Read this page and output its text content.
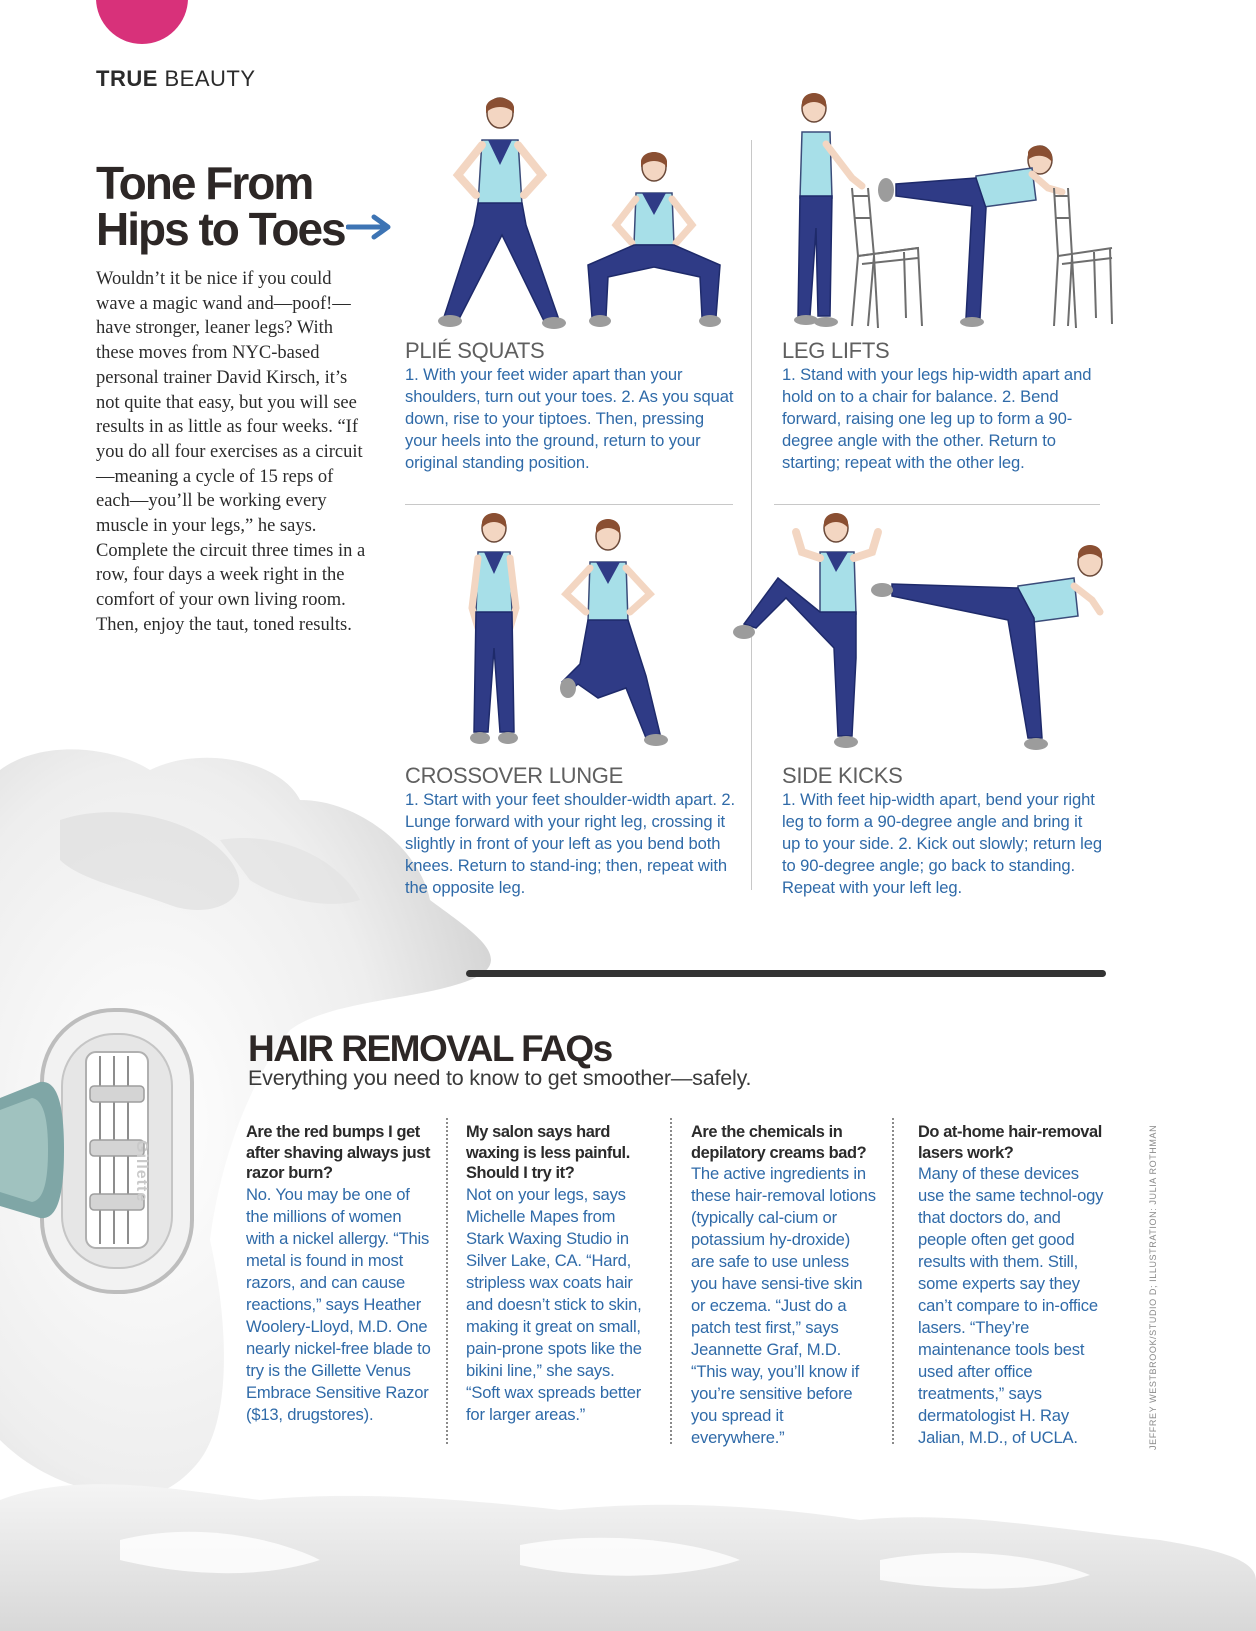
TRUE BEAUTY
Tone From
Hips to Toes
Wouldn’t it be nice if you could wave a magic wand and—poof!—have stronger, leaner legs? With these moves from NYC-based personal trainer David Kirsch, it’s not quite that easy, but you will see results in as little as four weeks. “If you do all four exercises as a circuit—meaning a cycle of 15 reps of each—you’ll be working every muscle in your legs,” he says. Complete the circuit three times in a row, four days a week right in the comfort of your own living room. Then, enjoy the taut, toned results.
PLIÉ SQUATS
1. With your feet wider apart than your shoulders, turn out your toes. 2. As you squat down, rise to your tiptoes. Then, pressing your heels into the ground, return to your original standing position.
LEG LIFTS
1. Stand with your legs hip-width apart and hold on to a chair for balance. 2. Bend forward, raising one leg up to form a 90-degree angle with the other. Return to starting; repeat with the other leg.
CROSSOVER LUNGE
1. Start with your feet shoulder-width apart. 2. Lunge forward with your right leg, crossing it slightly in front of your left as you bend both knees. Return to stand-ing; then, repeat with the opposite leg.
SIDE KICKS
1. With feet hip-width apart, bend your right leg to form a 90-degree angle and bring it up to your side. 2. Kick out slowly; return leg to 90-degree angle; go back to standing. Repeat with your left leg.
HAIR REMOVAL FAQs
Everything you need to know to get smoother—safely.
Are the red bumps I get after shaving always just razor burn?
No. You may be one of the millions of women with a nickel allergy. “This metal is found in most razors, and can cause reactions,” says Heather Woolery-Lloyd, M.D. One nearly nickel-free blade to try is the Gillette Venus Embrace Sensitive Razor ($13, drugstores).
My salon says hard waxing is less painful. Should I try it?
Not on your legs, says Michelle Mapes from Stark Waxing Studio in Silver Lake, CA. “Hard, stripless wax coats hair and doesn’t stick to skin, making it great on small, pain-prone spots like the bikini line,” she says. “Soft wax spreads better for larger areas.”
Are the chemicals in depilatory creams bad?
The active ingredients in these hair-removal lotions (typically cal-cium or potassium hy-droxide) are safe to use unless you have sensi-tive skin or eczema. “Just do a patch test first,” says Jeannette Graf, M.D. “This way, you’ll know if you’re sensitive before you spread it everywhere.”
Do at-home hair-removal lasers work?
Many of these devices use the same technol-ogy that doctors do, and people often get good results with them. Still, some experts say they can’t compare to in-office lasers. “They’re maintenance tools best used after office treatments,” says dermatologist H. Ray Jalian, M.D., of UCLA.
Gillette	JEFFREY WESTBROOK/STUDIO D; ILLUSTRATION: JULIA ROTHMAN
